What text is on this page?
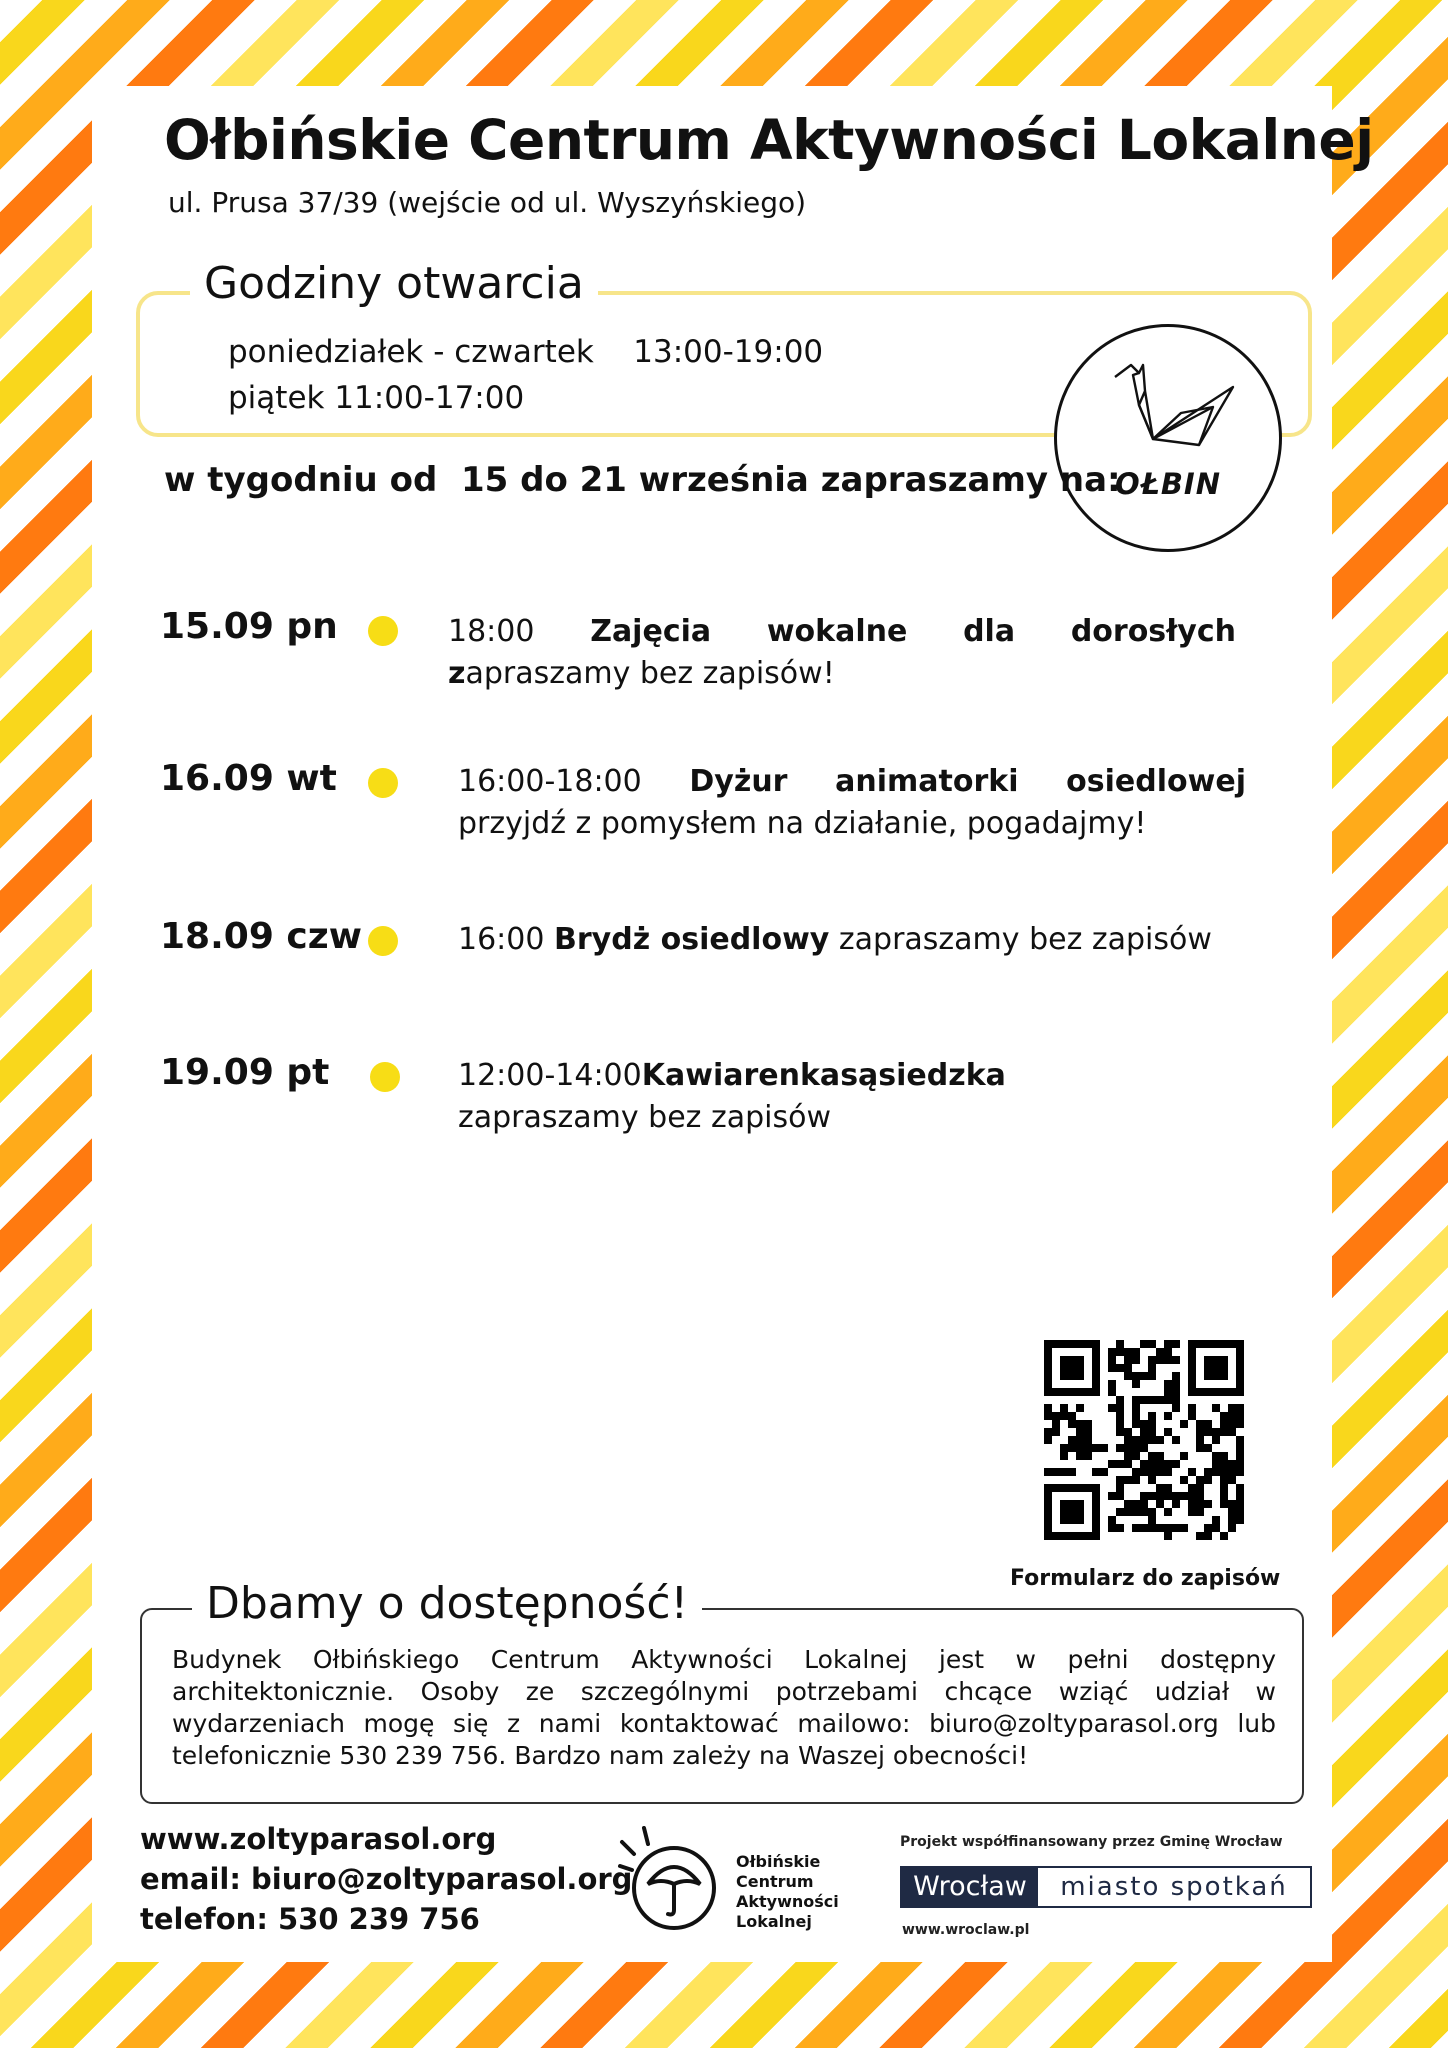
Ołbińskie Centrum Aktywności Lokalnej
ul. Prusa 37/39 (wejście od ul. Wyszyńskiego)
Godziny otwarcia
poniedziałek - czwartek 13:00-19:00
piątek 11:00-17:00
OŁBIN
w tygodniu od  15 do 21 września zapraszamy na:
15.09 pn	18:00 Zajęcia wokalne dla dorosłych
zapraszamy bez zapisów!
16.09 wt	16:00-18:00 Dyżur animatorki osiedlowej
przyjdź z pomysłem na działanie, pogadajmy!
18.09 czw	16:00 Brydż osiedlowy zapraszamy bez zapisów
19.09 pt	12:00-14:00 Kawiarenka sąsiedzka
zapraszamy bez zapisów
Formularz do zapisów
Dbamy o dostępność!
Budynek Ołbińskiego Centrum Aktywności Lokalnej jest w pełni dostępny architektonicznie. Osoby ze szczególnymi potrzebami chcące wziąć udział w wydarzeniach mogę się z nami kontaktować mailowo: biuro@zoltyparasol.org lub telefonicznie 530 239 756. Bardzo nam zależy na Waszej obecności!
www.zoltyparasol.org
email: biuro@zoltyparasol.org
telefon: 530 239 756
Ołbińskie
Centrum
Aktywności
Lokalnej
Projekt współfinansowany przez Gminę Wrocław
Wrocław	miasto spotkań
www.wroclaw.pl
